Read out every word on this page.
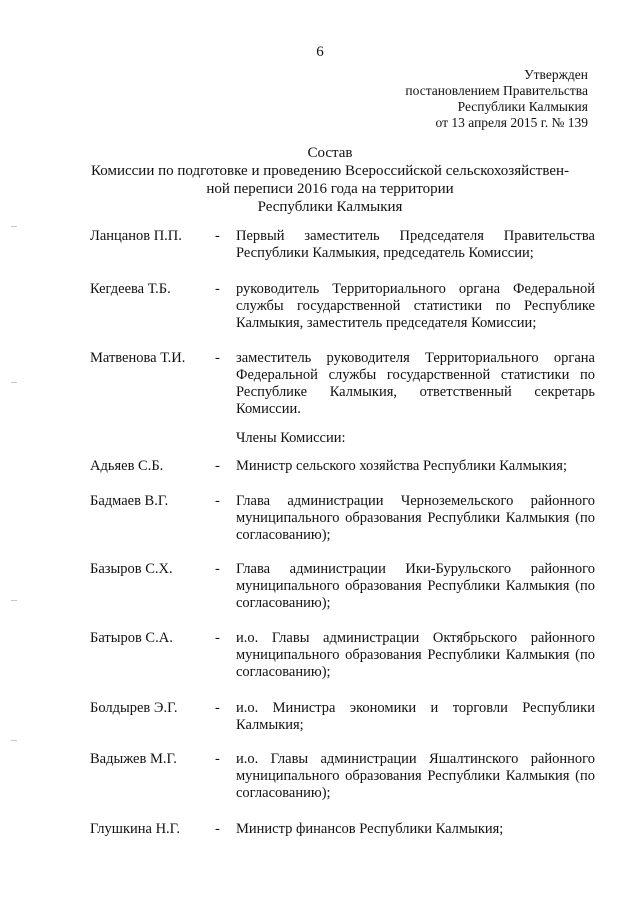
6
Утвержден
постановлением Правительства
Республики Калмыкия
от 13 апреля 2015 г. № 139
Состав
Комиссии по подготовке и проведению Всероссийской сельскохозяйствен-
ной переписи 2016 года на территории
Республики Калмыкия
Ланцанов П.П.	-	Первый заместитель Председателя Правительства Республики Калмыкия, председатель Комиссии;
Кегдеева Т.Б.	-	руководитель Территориального органа Федеральной службы государственной статистики по Республике Калмыкия, заместитель председателя Комиссии;
Матвенова Т.И.	-	заместитель руководителя Территориального органа Федеральной службы государственной статистики по Республике Калмыкия, ответственный секретарь Комиссии.
Члены Комиссии:
Адьяев С.Б.	-	Министр сельского хозяйства Республики Калмыкия;
Бадмаев В.Г.	-	Глава администрации Черноземельского районного муниципального образования Республики Калмыкия (по согласованию);
Базыров С.Х.	-	Глава администрации Ики-Бурульского районного муниципального образования Республики Калмыкия (по согласованию);
Батыров С.А.	-	и.о. Главы администрации Октябрьского районного муниципального образования Республики Калмыкия (по согласованию);
Болдырев Э.Г.	-	и.о. Министра экономики и торговли Республики Калмыкия;
Вадыжев М.Г.	-	и.о. Главы администрации Яшалтинского районного муниципального образования Республики Калмыкия (по согласованию);
Глушкина Н.Г.	-	Министр финансов Республики Калмыкия;
